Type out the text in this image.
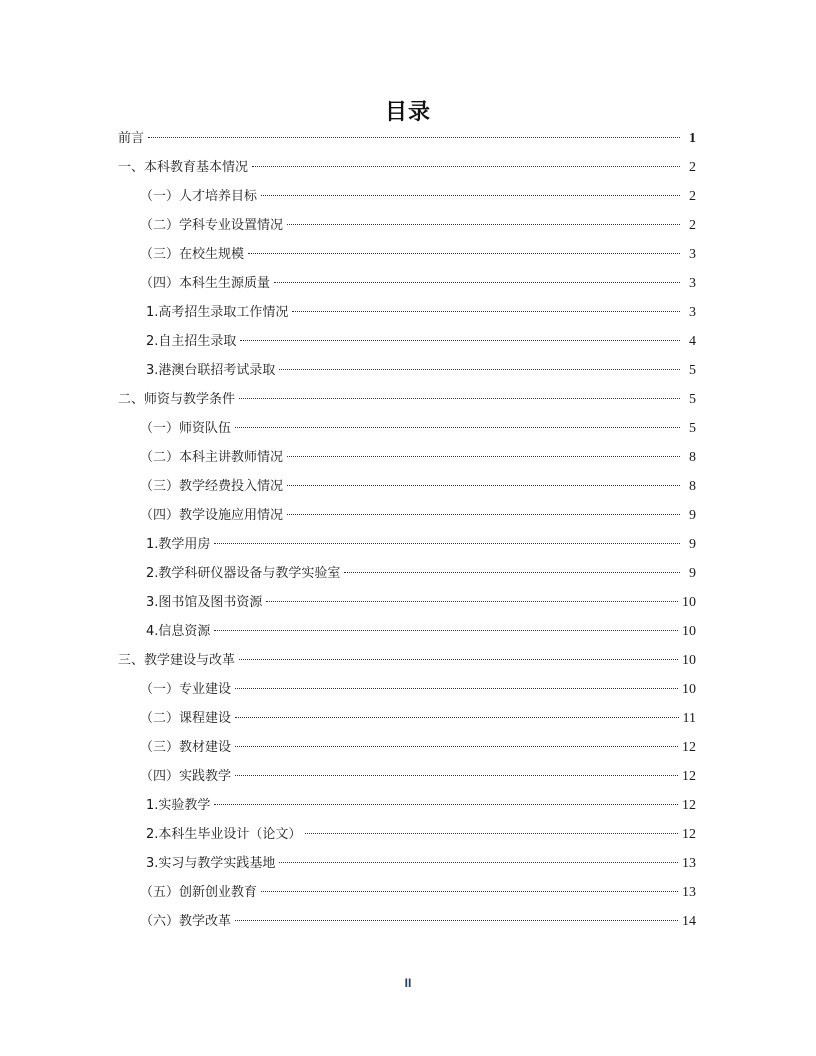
目录
前言	1
一、本科教育基本情况	2
（一）人才培养目标	2
（二）学科专业设置情况	2
（三）在校生规模	3
（四）本科生生源质量	3
1.高考招生录取工作情况	3
2.自主招生录取	4
3.港澳台联招考试录取	5
二、师资与教学条件	5
（一）师资队伍	5
（二）本科主讲教师情况	8
（三）教学经费投入情况	8
（四）教学设施应用情况	9
1.教学用房	9
2.教学科研仪器设备与教学实验室	9
3.图书馆及图书资源	10
4.信息资源	10
三、教学建设与改革	10
（一）专业建设	10
（二）课程建设	11
（三）教材建设	12
（四）实践教学	12
1.实验教学	12
2.本科生毕业设计（论文）	12
3.实习与教学实践基地	13
（五）创新创业教育	13
（六）教学改革	14
II
